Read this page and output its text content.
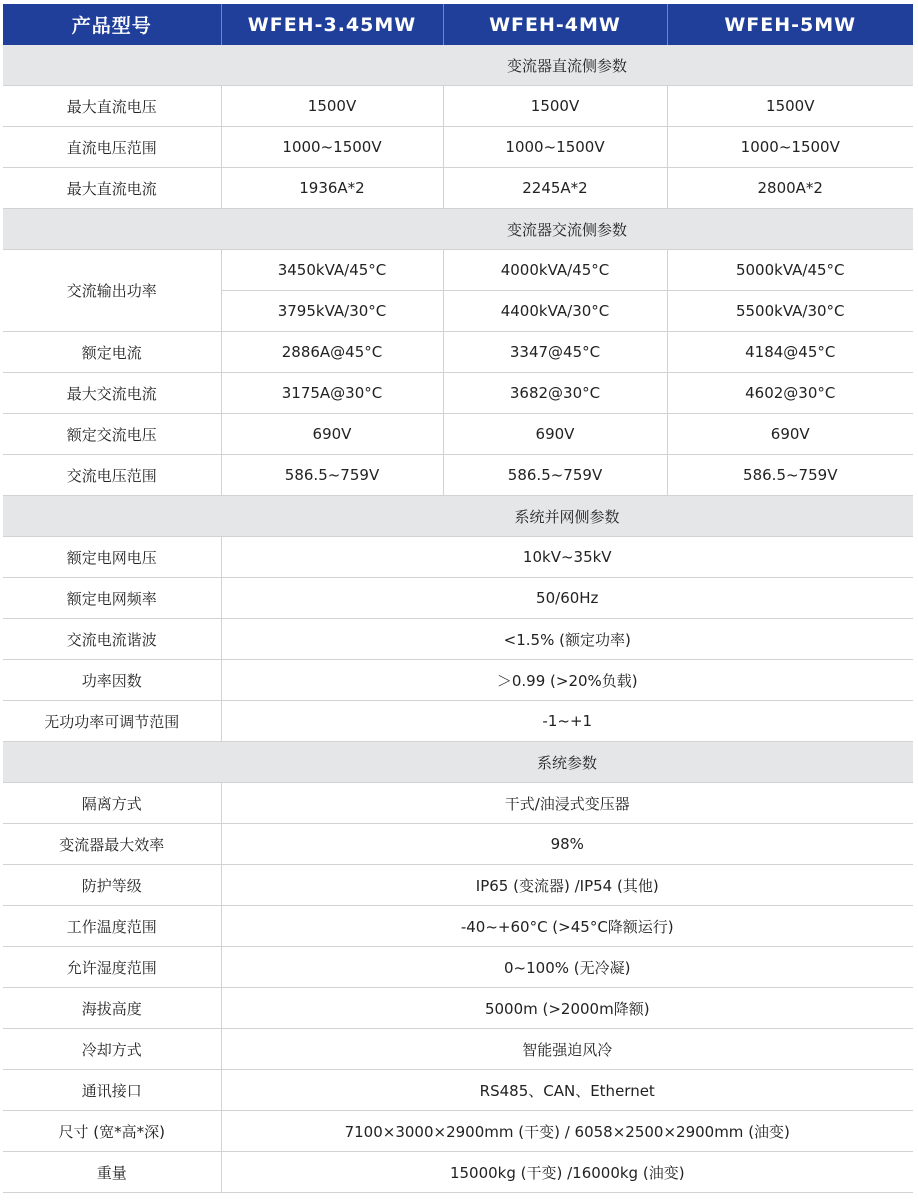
产品型号	WFEH-3.45MW	WFEH-4MW	WFEH-5MW
	变流器直流侧参数		
最大直流电压	1500V	1500V	1500V
直流电压范围	1000~1500V	1000~1500V	1000~1500V
最大直流电流	1936A*2	2245A*2	2800A*2
	变流器交流侧参数		
交流输出功率	3450kVA/45°C	4000kVA/45°C	5000kVA/45°C
	3795kVA/30°C	4400kVA/30°C	5500kVA/30°C
额定电流	2886A@45°C	3347@45°C	4184@45°C
最大交流电流	3175A@30°C	3682@30°C	4602@30°C
额定交流电压	690V	690V	690V
交流电压范围	586.5~759V	586.5~759V	586.5~759V
	系统并网侧参数		
额定电网电压	10kV~35kV		
额定电网频率	50/60Hz		
交流电流谐波	<1.5% (额定功率)		
功率因数	＞0.99 (>20%负载)		
无功功率可调节范围	-1~+1		
	系统参数		
隔离方式	干式/油浸式变压器		
变流器最大效率	98%		
防护等级	IP65 (变流器) /IP54 (其他)		
工作温度范围	-40~+60°C (>45°C降额运行)		
允许湿度范围	0~100% (无冷凝)		
海拔高度	5000m (>2000m降额)		
冷却方式	智能强迫风冷		
通讯接口	RS485、CAN、Ethernet		
尺寸 (宽*高*深)	7100×3000×2900mm (干变) / 6058×2500×2900mm (油变)		
重量	15000kg (干变) /16000kg (油变)		
